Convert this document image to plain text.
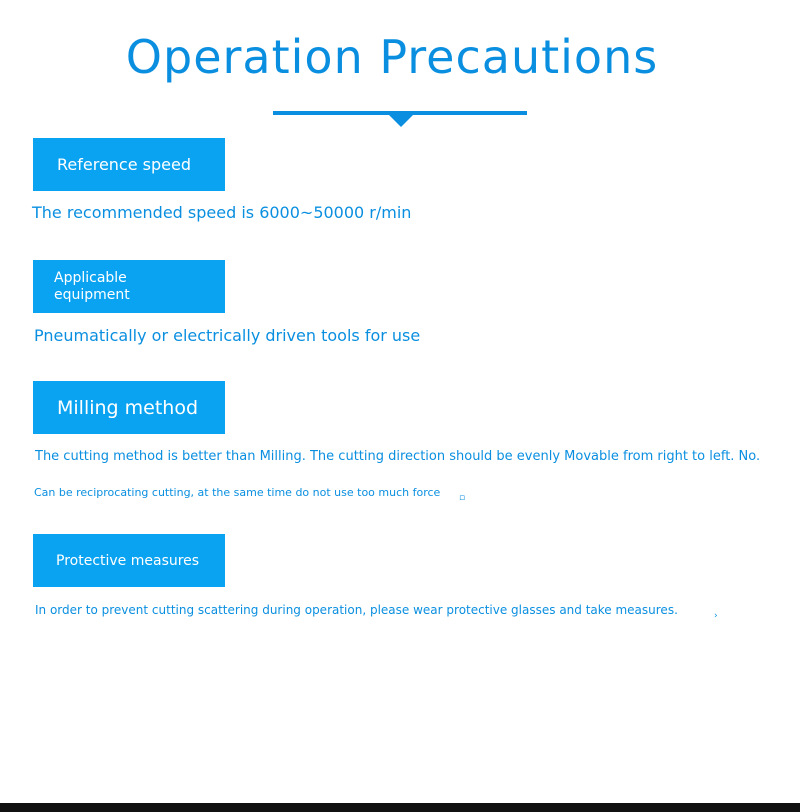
Operation Precautions
Reference speed
The recommended speed is 6000~50000 r/min
Applicable equipment
Pneumatically or electrically driven tools for use
Milling method
The cutting method is better than Milling. The cutting direction should be evenly Movable from right to left. No.
Can be reciprocating cutting, at the same time do not use too much force ▫
Protective measures
In order to prevent cutting scattering during operation, please wear protective glasses and take measures.	›
